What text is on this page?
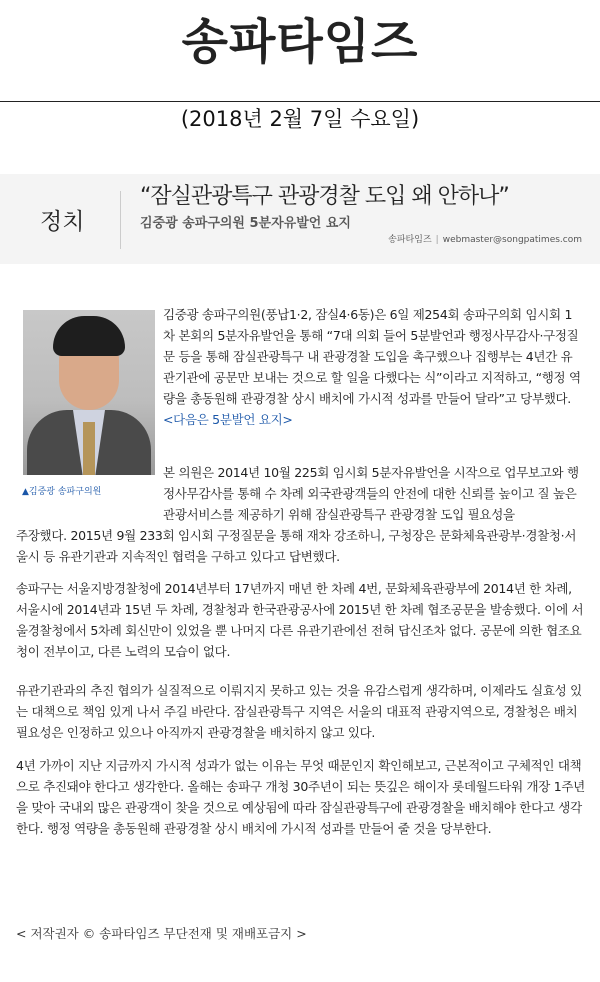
송파타임즈
(2018년 2월 7일 수요일)
정치
“잠실관광특구 관광경찰 도입 왜 안하나”
김중광 송파구의원 5분자유발언 요지
송파타임즈 | webmaster@songpatimes.com
▲김중광 송파구의원
김중광 송파구의원(풍납1·2, 잠실4·6동)은 6일 제254회 송파구의회 임시회 1차 본회의 5분자유발언을 통해 “7대 의회 들어 5분발언과 행정사무감사·구정질문 등을 통해 잠실관광특구 내 관광경찰 도입을 촉구했으나 집행부는 4년간 유관기관에 공문만 보내는 것으로 할 일을 다했다는 식”이라고 지적하고, “행정 역량을 총동원해 관광경찰 상시 배치에 가시적 성과를 만들어 달라”고 당부했다. <다음은 5분발언 요지>
본 의원은 2014년 10월 225회 임시회 5분자유발언을 시작으로 업무보고와 행정사무감사를 통해 수 차례 외국관광객들의 안전에 대한 신뢰를 높이고 질 높은 관광서비스를 제공하기 위해 잠실관광특구 관광경찰 도입 필요성을
주장했다. 2015년 9월 233회 임시회 구정질문을 통해 재차 강조하니, 구청장은 문화체육관광부·경찰청·서울시 등 유관기관과 지속적인 협력을 구하고 있다고 답변했다.
송파구는 서울지방경찰청에 2014년부터 17년까지 매년 한 차례 4번, 문화체육관광부에 2014년 한 차례, 서울시에 2014년과 15년 두 차례, 경찰청과 한국관광공사에 2015년 한 차례 협조공문을 발송했다. 이에 서울경찰청에서 5차례 회신만이 있었을 뿐 나머지 다른 유관기관에선 전혀 답신조차 없다. 공문에 의한 협조요청이 전부이고, 다른 노력의 모습이 없다.
유관기관과의 추진 협의가 실질적으로 이뤄지지 못하고 있는 것을 유감스럽게 생각하며, 이제라도 실효성 있는 대책으로 책임 있게 나서 주길 바란다. 잠실관광특구 지역은 서울의 대표적 관광지역으로, 경찰청은 배치 필요성은 인정하고 있으나 아직까지 관광경찰을 배치하지 않고 있다.
4년 가까이 지난 지금까지 가시적 성과가 없는 이유는 무엇 때문인지 확인해보고, 근본적이고 구체적인 대책으로 추진돼야 한다고 생각한다. 올해는 송파구 개청 30주년이 되는 뜻깊은 해이자 롯데월드타워 개장 1주년을 맞아 국내외 많은 관광객이 찾을 것으로 예상됨에 따라 잠실관광특구에 관광경찰을 배치해야 한다고 생각한다. 행정 역량을 총동원해 관광경찰 상시 배치에 가시적 성과를 만들어 줄 것을 당부한다.
< 저작권자 © 송파타임즈 무단전재 및 재배포금지 >
